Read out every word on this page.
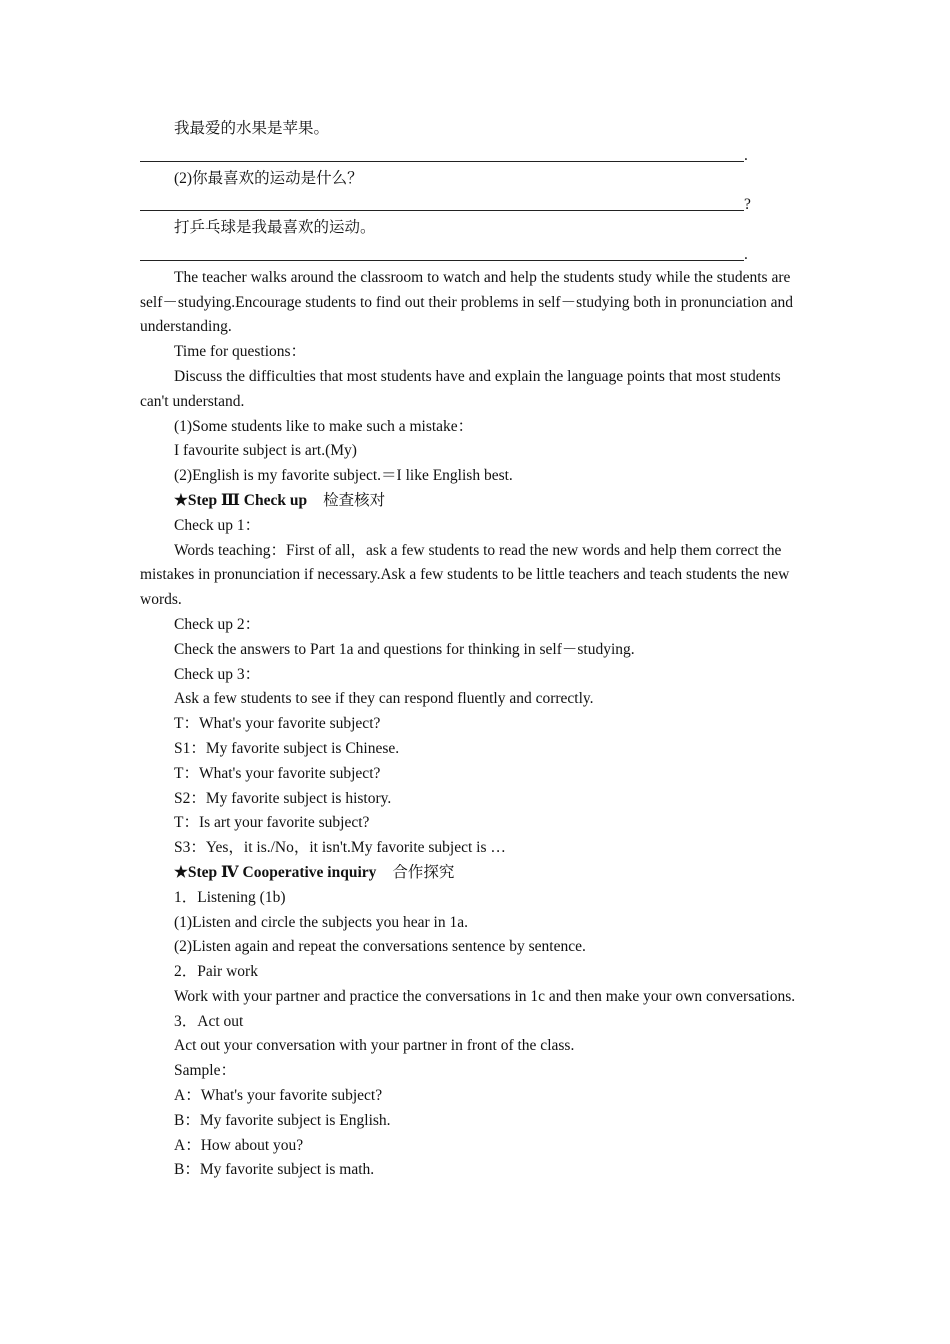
我最爱的水果是苹果。

.

(2)你最喜欢的运动是什么？

?

打乒乓球是我最喜欢的运动。

.

The teacher walks around the classroom to watch and help the students study while the students are self－studying.Encourage students to find out their problems in self－studying both in pronunciation and understanding.

Time for questions：

Discuss the difficulties that most students have and explain the language points that most students can't understand.

(1)Some students like to make such a mistake：

I favourite subject is art.(My)

(2)English is my favorite subject.＝I like English best.

★Step Ⅲ Check up 检查核对

Check up 1：

Words teaching：First of all，ask a few students to read the new words and help them correct the mistakes in pronunciation if necessary.Ask a few students to be little teachers and teach students the new words.

Check up 2：

Check the answers to Part 1a and questions for thinking in self－studying.

Check up 3：

Ask a few students to see if they can respond fluently and correctly.

T：What's your favorite subject?

S1：My favorite subject is Chinese.

T：What's your favorite subject?

S2：My favorite subject is history.

T：Is art your favorite subject?

S3：Yes，it is./No，it isn't.My favorite subject is …

★Step Ⅳ Cooperative inquiry 合作探究

1．Listening (1b)

(1)Listen and circle the subjects you hear in 1a.

(2)Listen again and repeat the conversations sentence by sentence.

2．Pair work

Work with your partner and practice the conversations in 1c and then make your own conversations.

3．Act out

Act out your conversation with your partner in front of the class.

Sample：

A：What's your favorite subject?

B：My favorite subject is English.

A：How about you?

B：My favorite subject is math.
